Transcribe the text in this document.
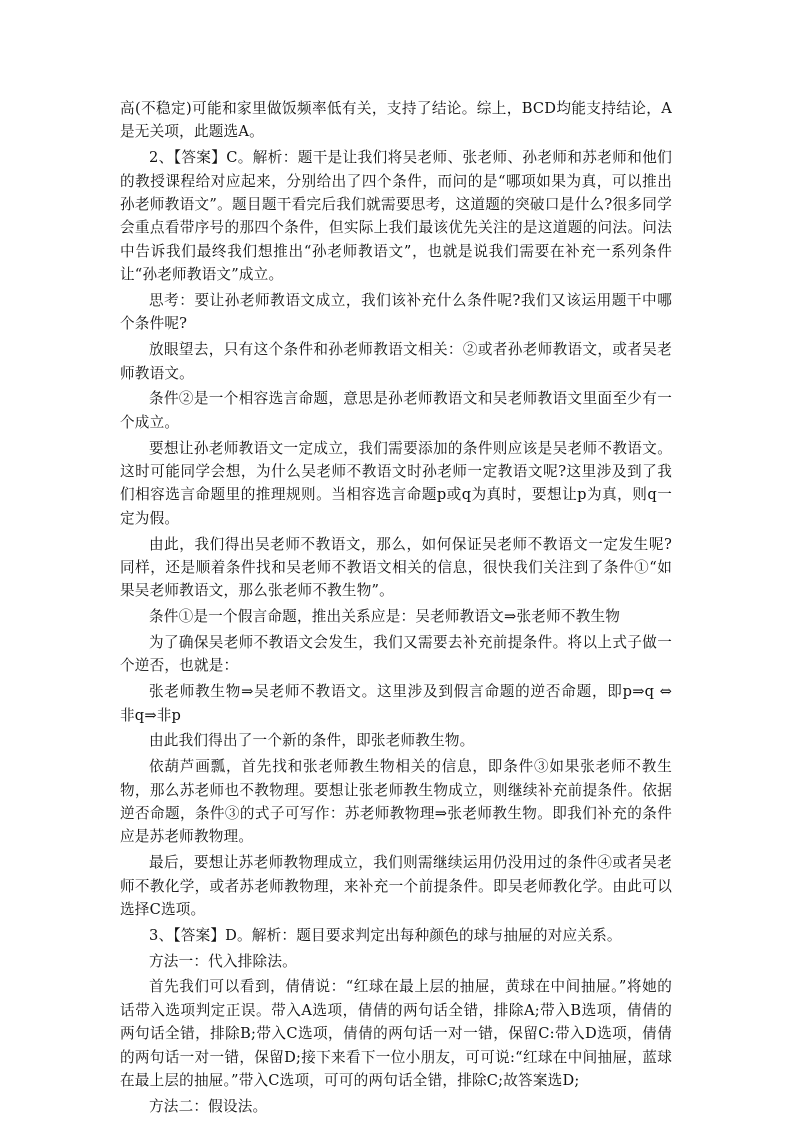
高(不稳定)可能和家里做饭频率低有关，支持了结论。综上，BCD均能支持结论，A是无关项，此题选A。

2、【答案】C。解析：题干是让我们将吴老师、张老师、孙老师和苏老师和他们的教授课程给对应起来，分别给出了四个条件，而问的是“哪项如果为真，可以推出孙老师教语文”。题目题干看完后我们就需要思考，这道题的突破口是什么?很多同学会重点看带序号的那四个条件，但实际上我们最该优先关注的是这道题的问法。问法中告诉我们最终我们想推出“孙老师教语文”，也就是说我们需要在补充一系列条件让“孙老师教语文”成立。

思考：要让孙老师教语文成立，我们该补充什么条件呢?我们又该运用题干中哪个条件呢?

放眼望去，只有这个条件和孙老师教语文相关：②或者孙老师教语文，或者吴老师教语文。

条件②是一个相容选言命题，意思是孙老师教语文和吴老师教语文里面至少有一个成立。

要想让孙老师教语文一定成立，我们需要添加的条件则应该是吴老师不教语文。这时可能同学会想，为什么吴老师不教语文时孙老师一定教语文呢?这里涉及到了我们相容选言命题里的推理规则。当相容选言命题p或q为真时，要想让p为真，则q一定为假。

由此，我们得出吴老师不教语文，那么，如何保证吴老师不教语文一定发生呢?同样，还是顺着条件找和吴老师不教语文相关的信息，很快我们关注到了条件①“如果吴老师教语文，那么张老师不教生物”。

条件①是一个假言命题，推出关系应是：吴老师教语文⇒张老师不教生物

为了确保吴老师不教语文会发生，我们又需要去补充前提条件。将以上式子做一个逆否，也就是：

张老师教生物⇒吴老师不教语文。这里涉及到假言命题的逆否命题，即p⇒q ⇔ 非q⇒非p

由此我们得出了一个新的条件，即张老师教生物。

依葫芦画瓢，首先找和张老师教生物相关的信息，即条件③如果张老师不教生物，那么苏老师也不教物理。要想让张老师教生物成立，则继续补充前提条件。依据逆否命题，条件③的式子可写作：苏老师教物理⇒张老师教生物。即我们补充的条件应是苏老师教物理。

最后，要想让苏老师教物理成立，我们则需继续运用仍没用过的条件④或者吴老师不教化学，或者苏老师教物理，来补充一个前提条件。即吴老师教化学。由此可以选择C选项。

3、【答案】D。解析：题目要求判定出每种颜色的球与抽屉的对应关系。

方法一：代入排除法。

首先我们可以看到，倩倩说：“红球在最上层的抽屉，黄球在中间抽屉。”将她的话带入选项判定正误。带入A选项，倩倩的两句话全错，排除A;带入B选项，倩倩的两句话全错，排除B;带入C选项，倩倩的两句话一对一错，保留C:带入D选项，倩倩的两句话一对一错，保留D;接下来看下一位小朋友，可可说:“红球在中间抽屉，蓝球在最上层的抽屉。”带入C选项，可可的两句话全错，排除C;故答案选D;

方法二：假设法。
